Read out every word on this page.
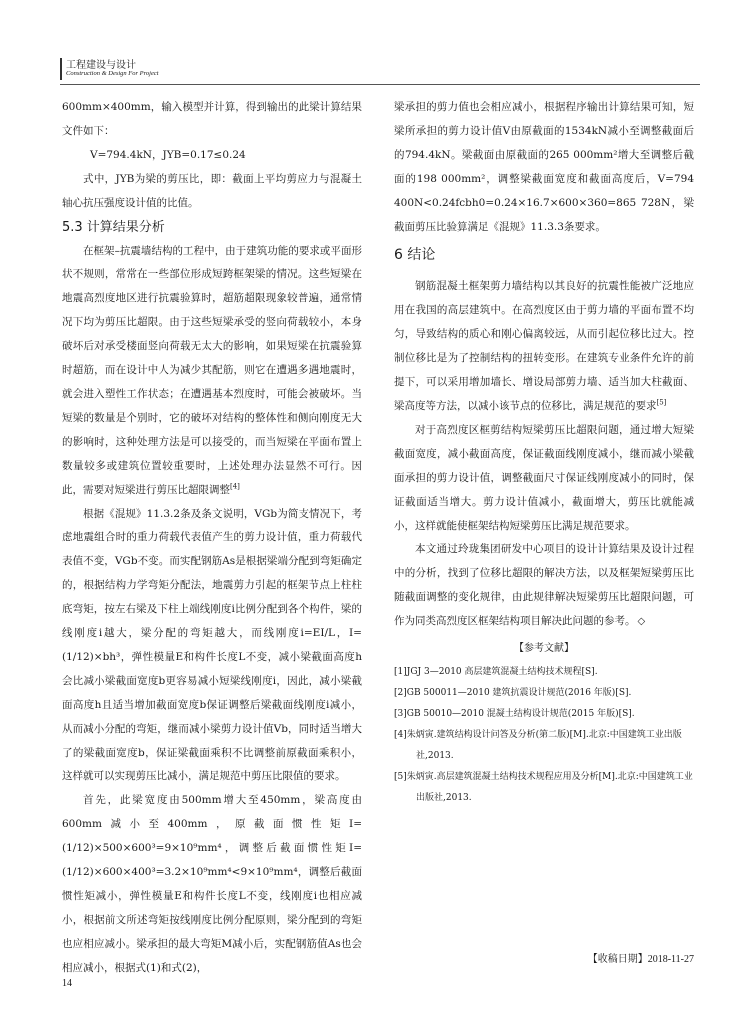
工程建设与设计
Construction & Design For Project

600mm×400mm，输入模型并计算，得到输出的此梁计算结果文件如下：

V=794.4kN，JYB=0.17≤0.24

式中，JYB为梁的剪压比，即：截面上平均剪应力与混凝土轴心抗压强度设计值的比值。

5.3 计算结果分析

在框架–抗震墙结构的工程中，由于建筑功能的要求或平面形状不规则，常常在一些部位形成短跨框架梁的情况。这些短梁在地震高烈度地区进行抗震验算时，超筋超限现象较普遍，通常情况下均为剪压比超限。由于这些短梁承受的竖向荷载较小，本身破坏后对承受楼面竖向荷载无太大的影响，如果短梁在抗震验算时超筋，而在设计中人为减少其配筋，则它在遭遇多遇地震时，就会进入塑性工作状态；在遭遇基本烈度时，可能会被破坏。当短梁的数量是个别时，它的破坏对结构的整体性和侧向刚度无大的影响时，这种处理方法是可以接受的，而当短梁在平面布置上数量较多或建筑位置较重要时，上述处理办法显然不可行。因此，需要对短梁进行剪压比超限调整[4]

根据《混规》11.3.2条及条文说明，VGb为简支情况下，考虑地震组合时的重力荷载代表值产生的剪力设计值，重力荷载代表值不变，VGb不变。而实配钢筋As是根据梁端分配到弯矩确定的，根据结构力学弯矩分配法，地震剪力引起的框架节点上柱柱底弯矩，按左右梁及下柱上端线刚度i比例分配到各个构件，梁的线刚度i越大，梁分配的弯矩越大，而线刚度i=EI/L，I=(1/12)×bh³，弹性模量E和构件长度L不变，减小梁截面高度h会比减小梁截面宽度b更容易减小短梁线刚度i，因此，减小梁截面高度h且适当增加截面宽度b保证调整后梁截面线刚度i减小，从而减小分配的弯矩，继而减小梁剪力设计值Vb，同时适当增大了的梁截面宽度b，保证梁截面乘积不比调整前原截面乘积小，这样就可以实现剪压比减小，满足规范中剪压比限值的要求。

首先，此梁宽度由500mm增大至450mm，梁高度由600mm减小至400mm，原截面惯性矩I=(1/12)×500×600³=9×10⁹mm⁴，调整后截面惯性矩I=(1/12)×600×400³=3.2×10⁹mm⁴<9×10⁹mm⁴，调整后截面惯性矩减小，弹性模量E和构件长度L不变，线刚度i也相应减小，根据前文所述弯矩按线刚度比例分配原则，梁分配到的弯矩也应相应减小。梁承担的最大弯矩M减小后，实配钢筋值As也会相应减小，根据式(1)和式(2)，

梁承担的剪力值也会相应减小，根据程序输出计算结果可知，短梁所承担的剪力设计值V由原截面的1534kN减小至调整截面后的794.4kN。梁截面由原截面的265 000mm²增大至调整后截面的198 000mm²，调整梁截面宽度和截面高度后，V=794 400N<0.24fcbh0=0.24×16.7×600×360=865 728N，梁截面剪压比验算满足《混规》11.3.3条要求。

6 结论

钢筋混凝土框架剪力墙结构以其良好的抗震性能被广泛地应用在我国的高层建筑中。在高烈度区由于剪力墙的平面布置不均匀，导致结构的质心和刚心偏离较远，从而引起位移比过大。控制位移比是为了控制结构的扭转变形。在建筑专业条件允许的前提下，可以采用增加墙长、增设局部剪力墙、适当加大柱截面、梁高度等方法，以减小该节点的位移比，满足规范的要求[5]

对于高烈度区框剪结构短梁剪压比超限问题，通过增大短梁截面宽度，减小截面高度，保证截面线刚度减小，继而减小梁截面承担的剪力设计值，调整截面尺寸保证线刚度减小的同时，保证截面适当增大。剪力设计值减小，截面增大，剪压比就能减小，这样就能使框架结构短梁剪压比满足规范要求。

本文通过玲珑集团研发中心项目的设计计算结果及设计过程中的分析，找到了位移比超限的解决方法，以及框架短梁剪压比随截面调整的变化规律，由此规律解决短梁剪压比超限问题，可作为同类高烈度区框架结构项目解决此问题的参考。 ◇

【参考文献】
[1]JGJ 3—2010 高层建筑混凝土结构技术规程[S].
[2]GB 500011—2010 建筑抗震设计规范(2016 年版)[S].
[3]GB 50010—2010 混凝土结构设计规范(2015 年版)[S].
[4]朱炳寅.建筑结构设计问答及分析(第二版)[M].北京:中国建筑工业出版社,2013.
[5]朱炳寅.高层建筑混凝土结构技术规程应用及分析[M].北京:中国建筑工业出版社,2013.
【收稿日期】2018-11-27
14
